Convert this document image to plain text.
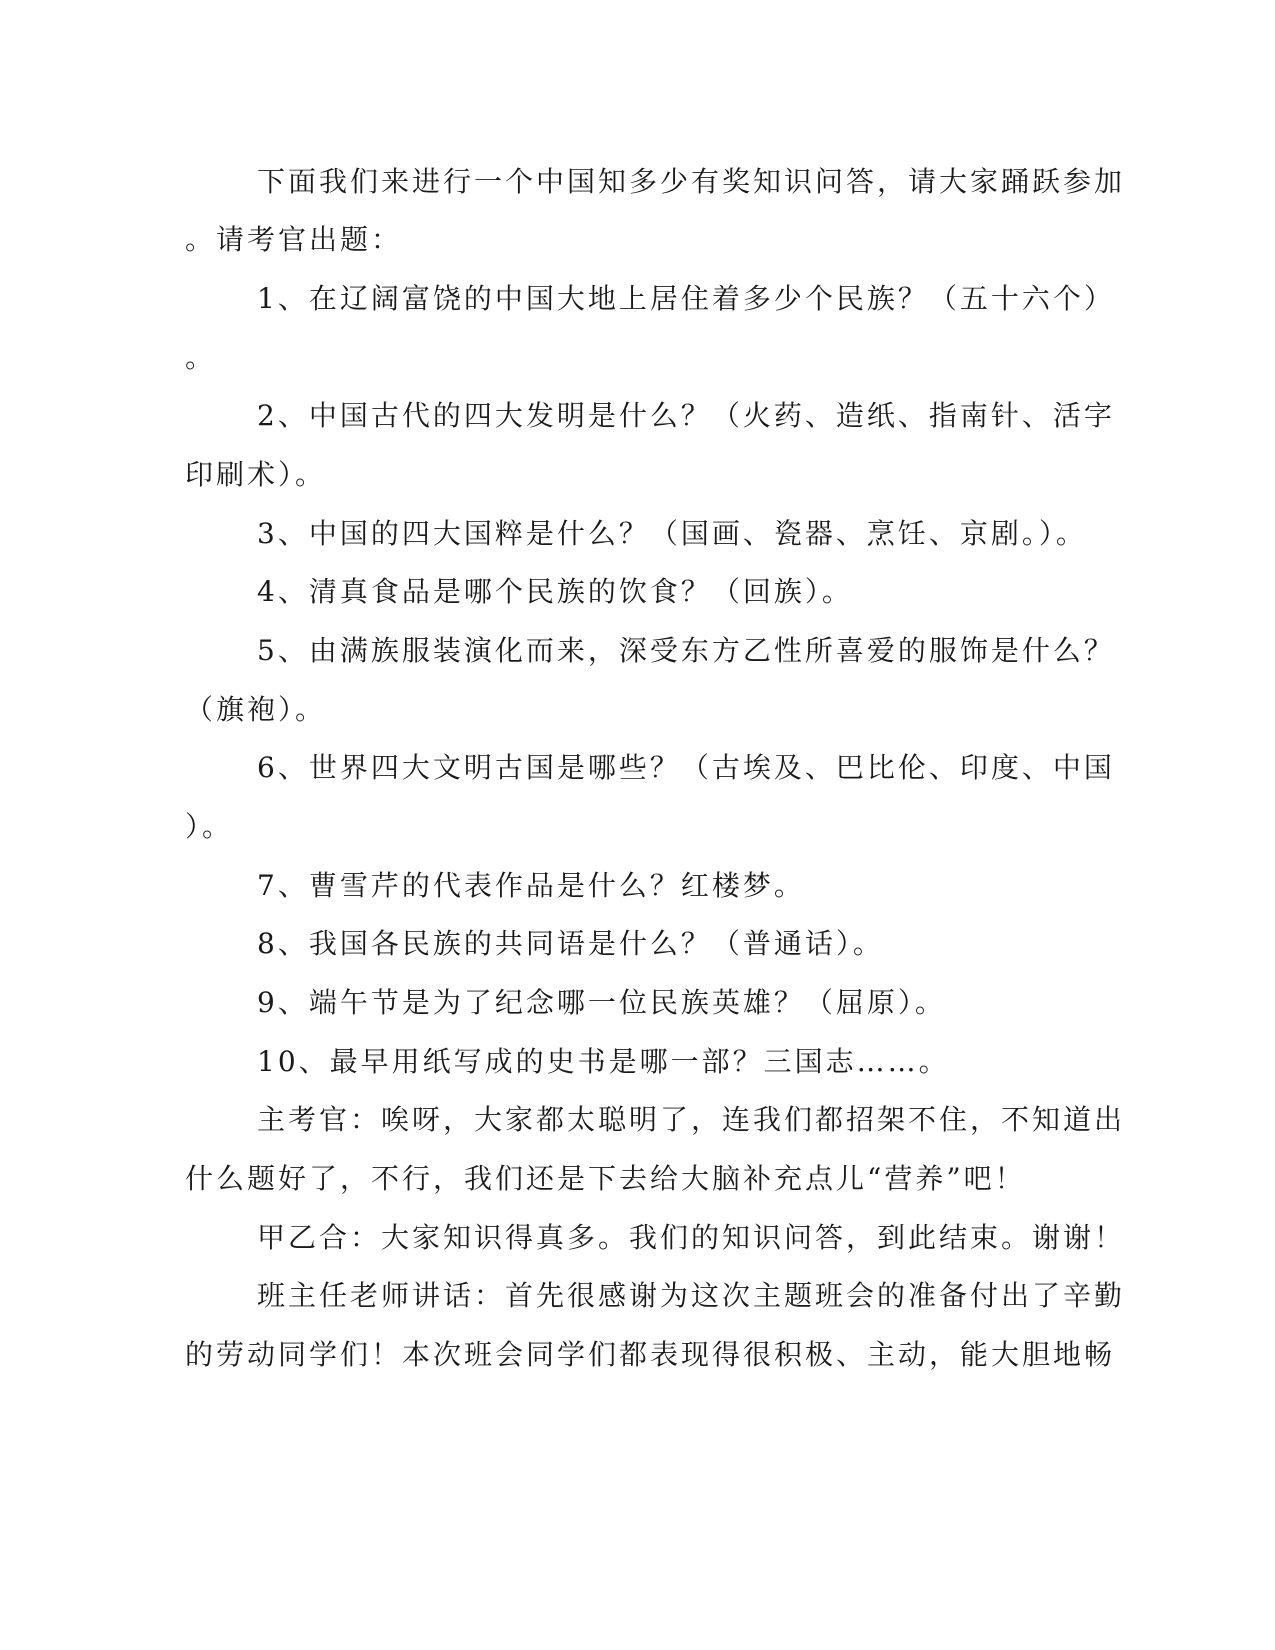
下面我们来进行一个中国知多少有奖知识问答，请大家踊跃参加
。请考官出题：
1、在辽阔富饶的中国大地上居住着多少个民族？（五十六个）
。
2、中国古代的四大发明是什么？（火药、造纸、指南针、活字
印刷术）。
3、中国的四大国粹是什么？（国画、瓷器、烹饪、京剧。）。
4、清真食品是哪个民族的饮食？（回族）。
5、由满族服装演化而来，深受东方乙性所喜爱的服饰是什么？
（旗袍）。
6、世界四大文明古国是哪些？（古埃及、巴比伦、印度、中国
）。
7、曹雪芹的代表作品是什么？红楼梦。
8、我国各民族的共同语是什么？（普通话）。
9、端午节是为了纪念哪一位民族英雄？（屈原）。
10、最早用纸写成的史书是哪一部？三国志……。
主考官：唉呀，大家都太聪明了，连我们都招架不住，不知道出
什么题好了，不行，我们还是下去给大脑补充点儿“营养”吧！
甲乙合：大家知识得真多。我们的知识问答，到此结束。谢谢！
班主任老师讲话：首先很感谢为这次主题班会的准备付出了辛勤
的劳动同学们！本次班会同学们都表现得很积极、主动，能大胆地畅
